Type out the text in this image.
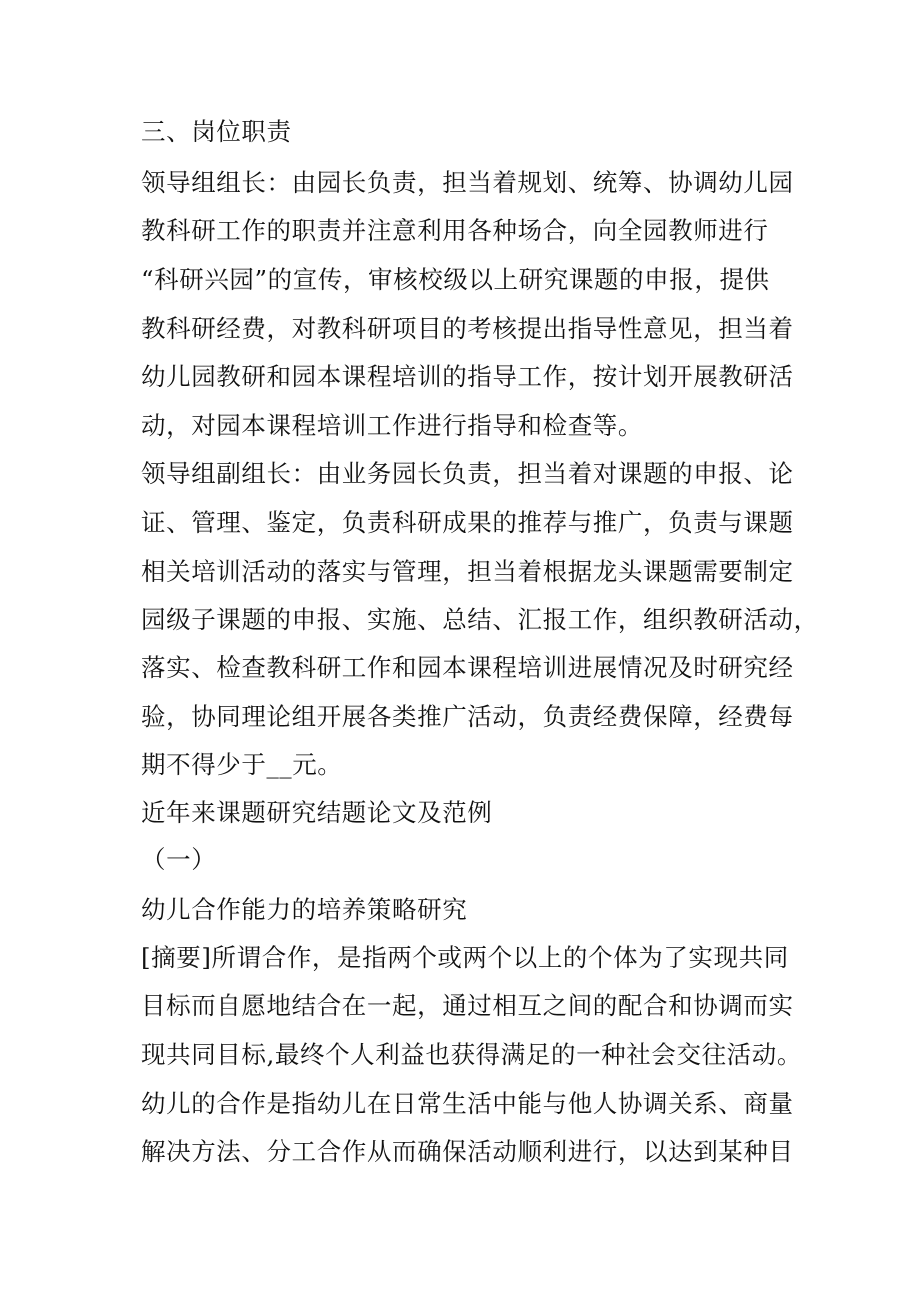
三、岗位职责
领导组组长：由园长负责，担当着规划、统筹、协调幼儿园
教科研工作的职责并注意利用各种场合，向全园教师进行
“科研兴园”的宣传，审核校级以上研究课题的申报，提供
教科研经费，对教科研项目的考核提出指导性意见，担当着
幼儿园教研和园本课程培训的指导工作，按计划开展教研活
动，对园本课程培训工作进行指导和检查等。
领导组副组长：由业务园长负责，担当着对课题的申报、论
证、管理、鉴定，负责科研成果的推荐与推广，负责与课题
相关培训活动的落实与管理，担当着根据龙头课题需要制定
园级子课题的申报、实施、总结、汇报工作，组织教研活动，
落实、检查教科研工作和园本课程培训进展情况及时研究经
验，协同理论组开展各类推广活动，负责经费保障，经费每
期不得少于__元。
近年来课题研究结题论文及范例
（一）
幼儿合作能力的培养策略研究
[摘要]所谓合作，是指两个或两个以上的个体为了实现共同
目标而自愿地结合在一起，通过相互之间的配合和协调而实
现共同目标,最终个人利益也获得满足的一种社会交往活动。
幼儿的合作是指幼儿在日常生活中能与他人协调关系、商量
解决方法、分工合作从而确保活动顺利进行，以达到某种目
